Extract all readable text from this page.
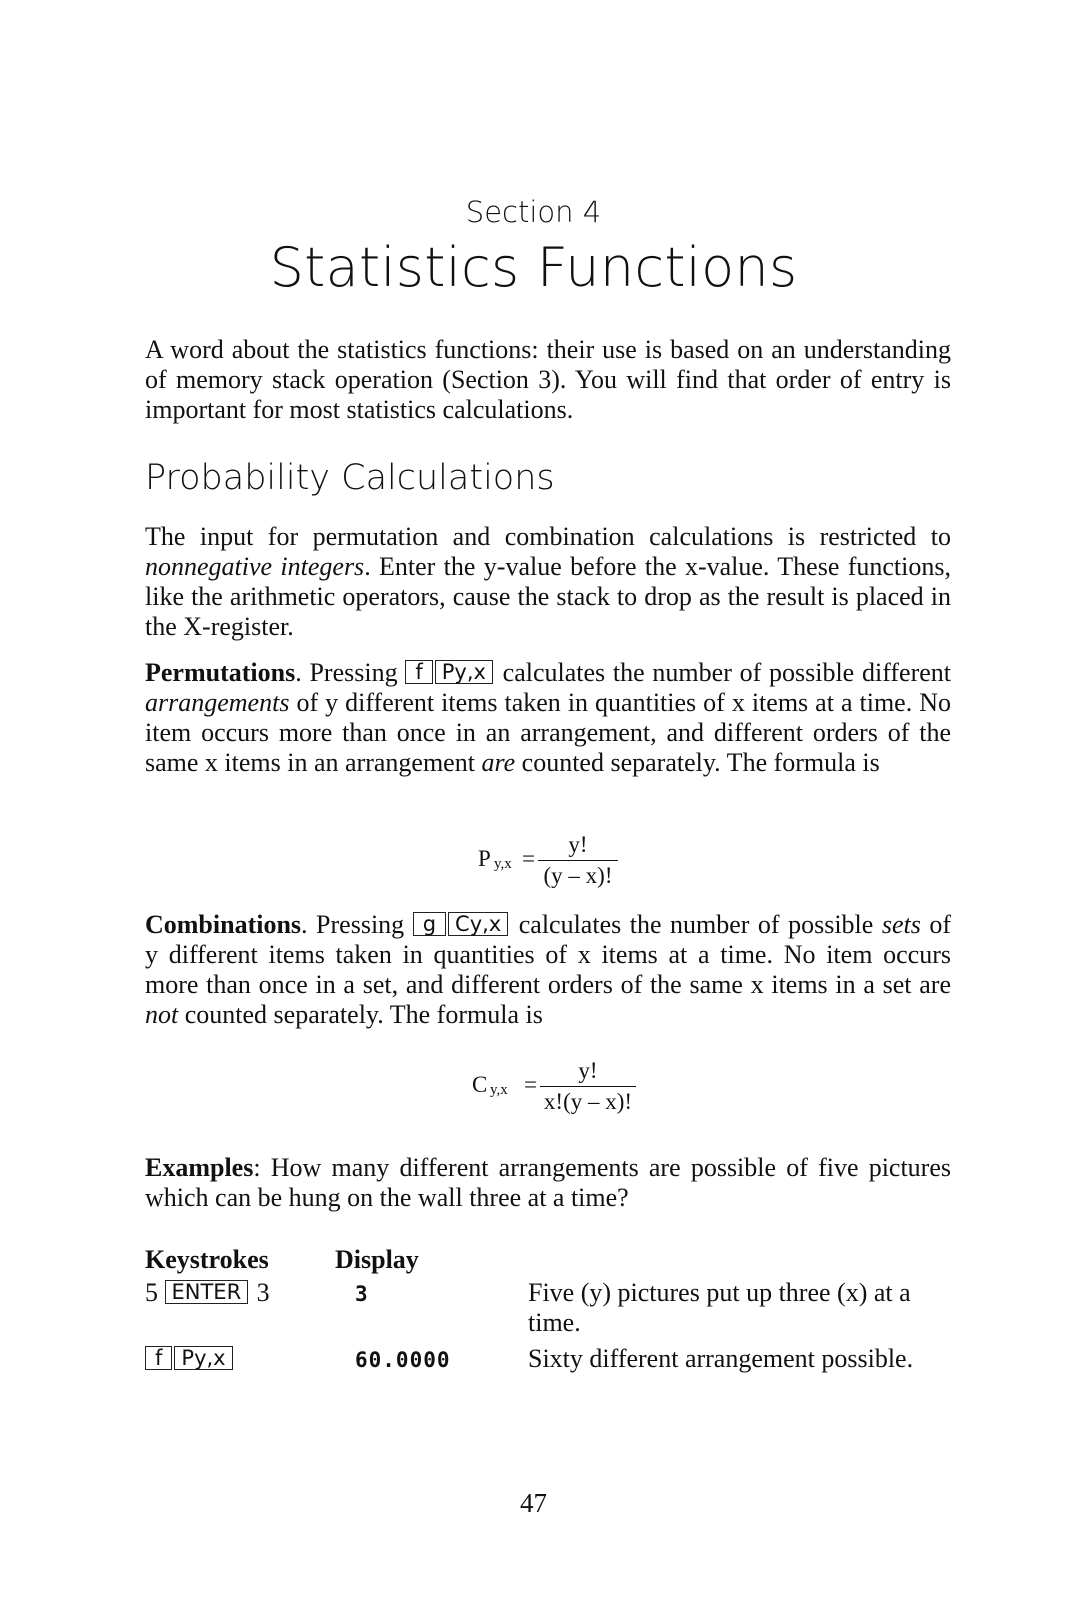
Section 4
Statistics Functions
A word about the statistics functions: their use is based on an understanding of memory stack operation (Section 3). You will find that order of entry is important for most statistics calculations.
Probability Calculations
The input for permutation and combination calculations is restricted to nonnegative integers. Enter the y-value before the x-value. These functions, like the arithmetic operators, cause the stack to drop as the result is placed in the X-register.
Permutations. Pressing f Py,x calculates the number of possible different arrangements of y different items taken in quantities of x items at a time. No item occurs more than once in an arrangement, and different orders of the same x items in an arrangement are counted separately. The formula is
P $y,x = \frac{y!}{(y - x)!}$
Combinations. Pressing g Cy,x calculates the number of possible sets of y different items taken in quantities of x items at a time. No item occurs more than once in a set, and different orders of the same x items in a set are not counted separately. The formula is
C $y,x = \frac{y!}{x!(y - x)!}$
Examples: How many different arrangements are possible of five pictures which can be hung on the wall three at a time?
Keystrokes	Display	
5 ENTER 3	3	Five (y) pictures put up three (x) at a time.
f Py,x	60.0000	Sixty different arrangement possible.
47
